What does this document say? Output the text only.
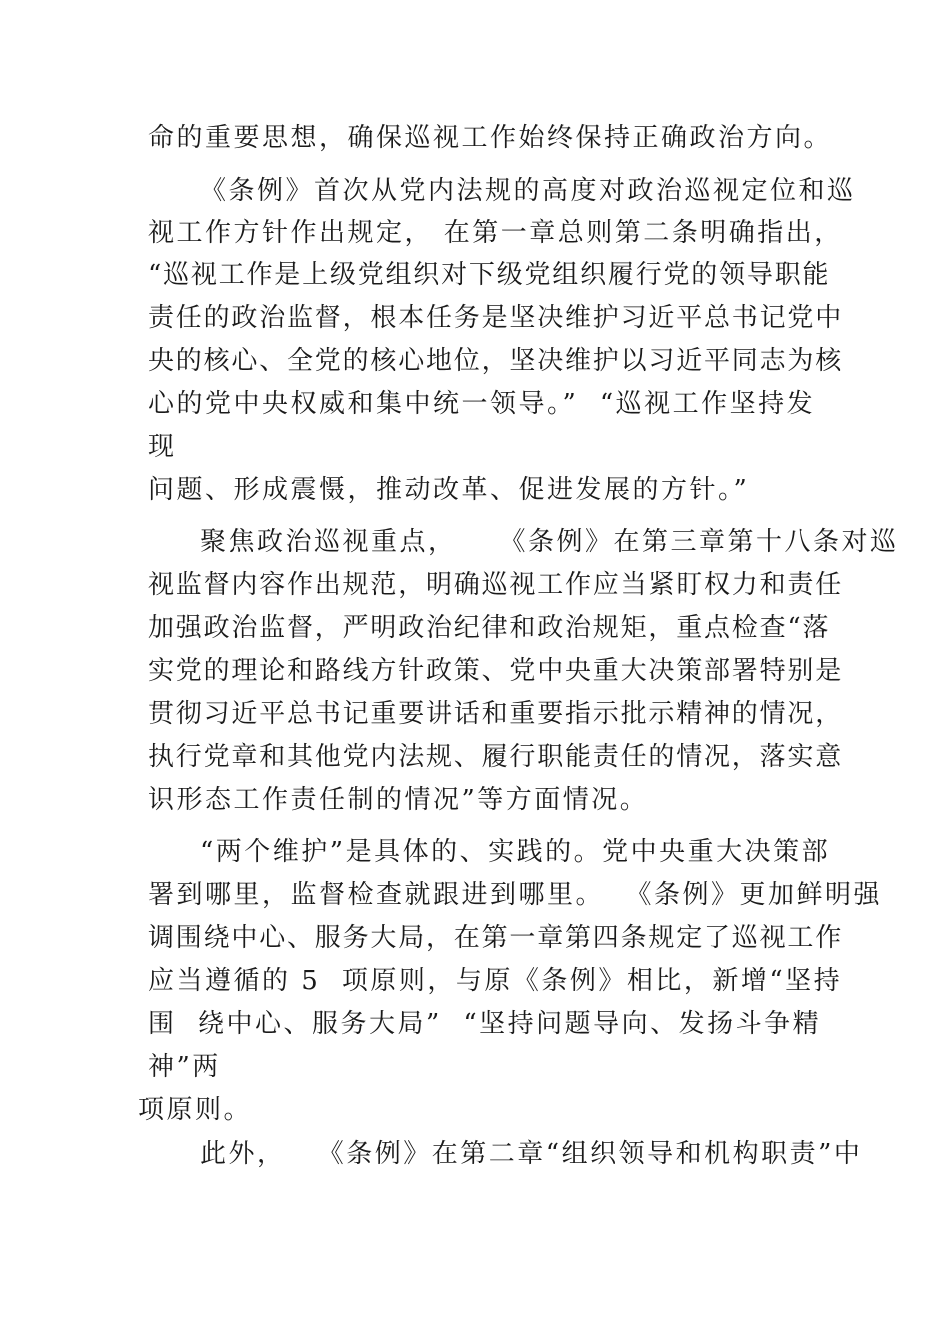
命的重要思想，确保巡视工作始终保持正确政治方向。
《条例》首次从党内法规的高度对政治巡视定位和巡
视工作方针作出规定， 在第一章总则第二条明确指出，
“巡视工作是上级党组织对下级党组织履行党的领导职能
责任的政治监督，根本任务是坚决维护习近平总书记党中
央的核心、全党的核心地位，坚决维护以习近平同志为核
心的党中央权威和集中统一领导。”  “巡视工作坚持发
现
问题、形成震慑，推动改革、促进发展的方针。”
聚焦政治巡视重点，    《条例》在第三章第十八条对巡
视监督内容作出规范，明确巡视工作应当紧盯权力和责任
加强政治监督，严明政治纪律和政治规矩，重点检查“落
实党的理论和路线方针政策、党中央重大决策部署特别是
贯彻习近平总书记重要讲话和重要指示批示精神的情况，
执行党章和其他党内法规、履行职能责任的情况，落实意
识形态工作责任制的情况”等方面情况。
“两个维护”是具体的、实践的。党中央重大决策部
署到哪里，监督检查就跟进到哪里。  《条例》更加鲜明强
调围绕中心、服务大局，在第一章第四条规定了巡视工作
应当遵循的 5  项原则，与原《条例》相比，新增“坚持
围  绕中心、服务大局”  “坚持问题导向、发扬斗争精
神”两
项原则。
此外，   《条例》在第二章“组织领导和机构职责”中
